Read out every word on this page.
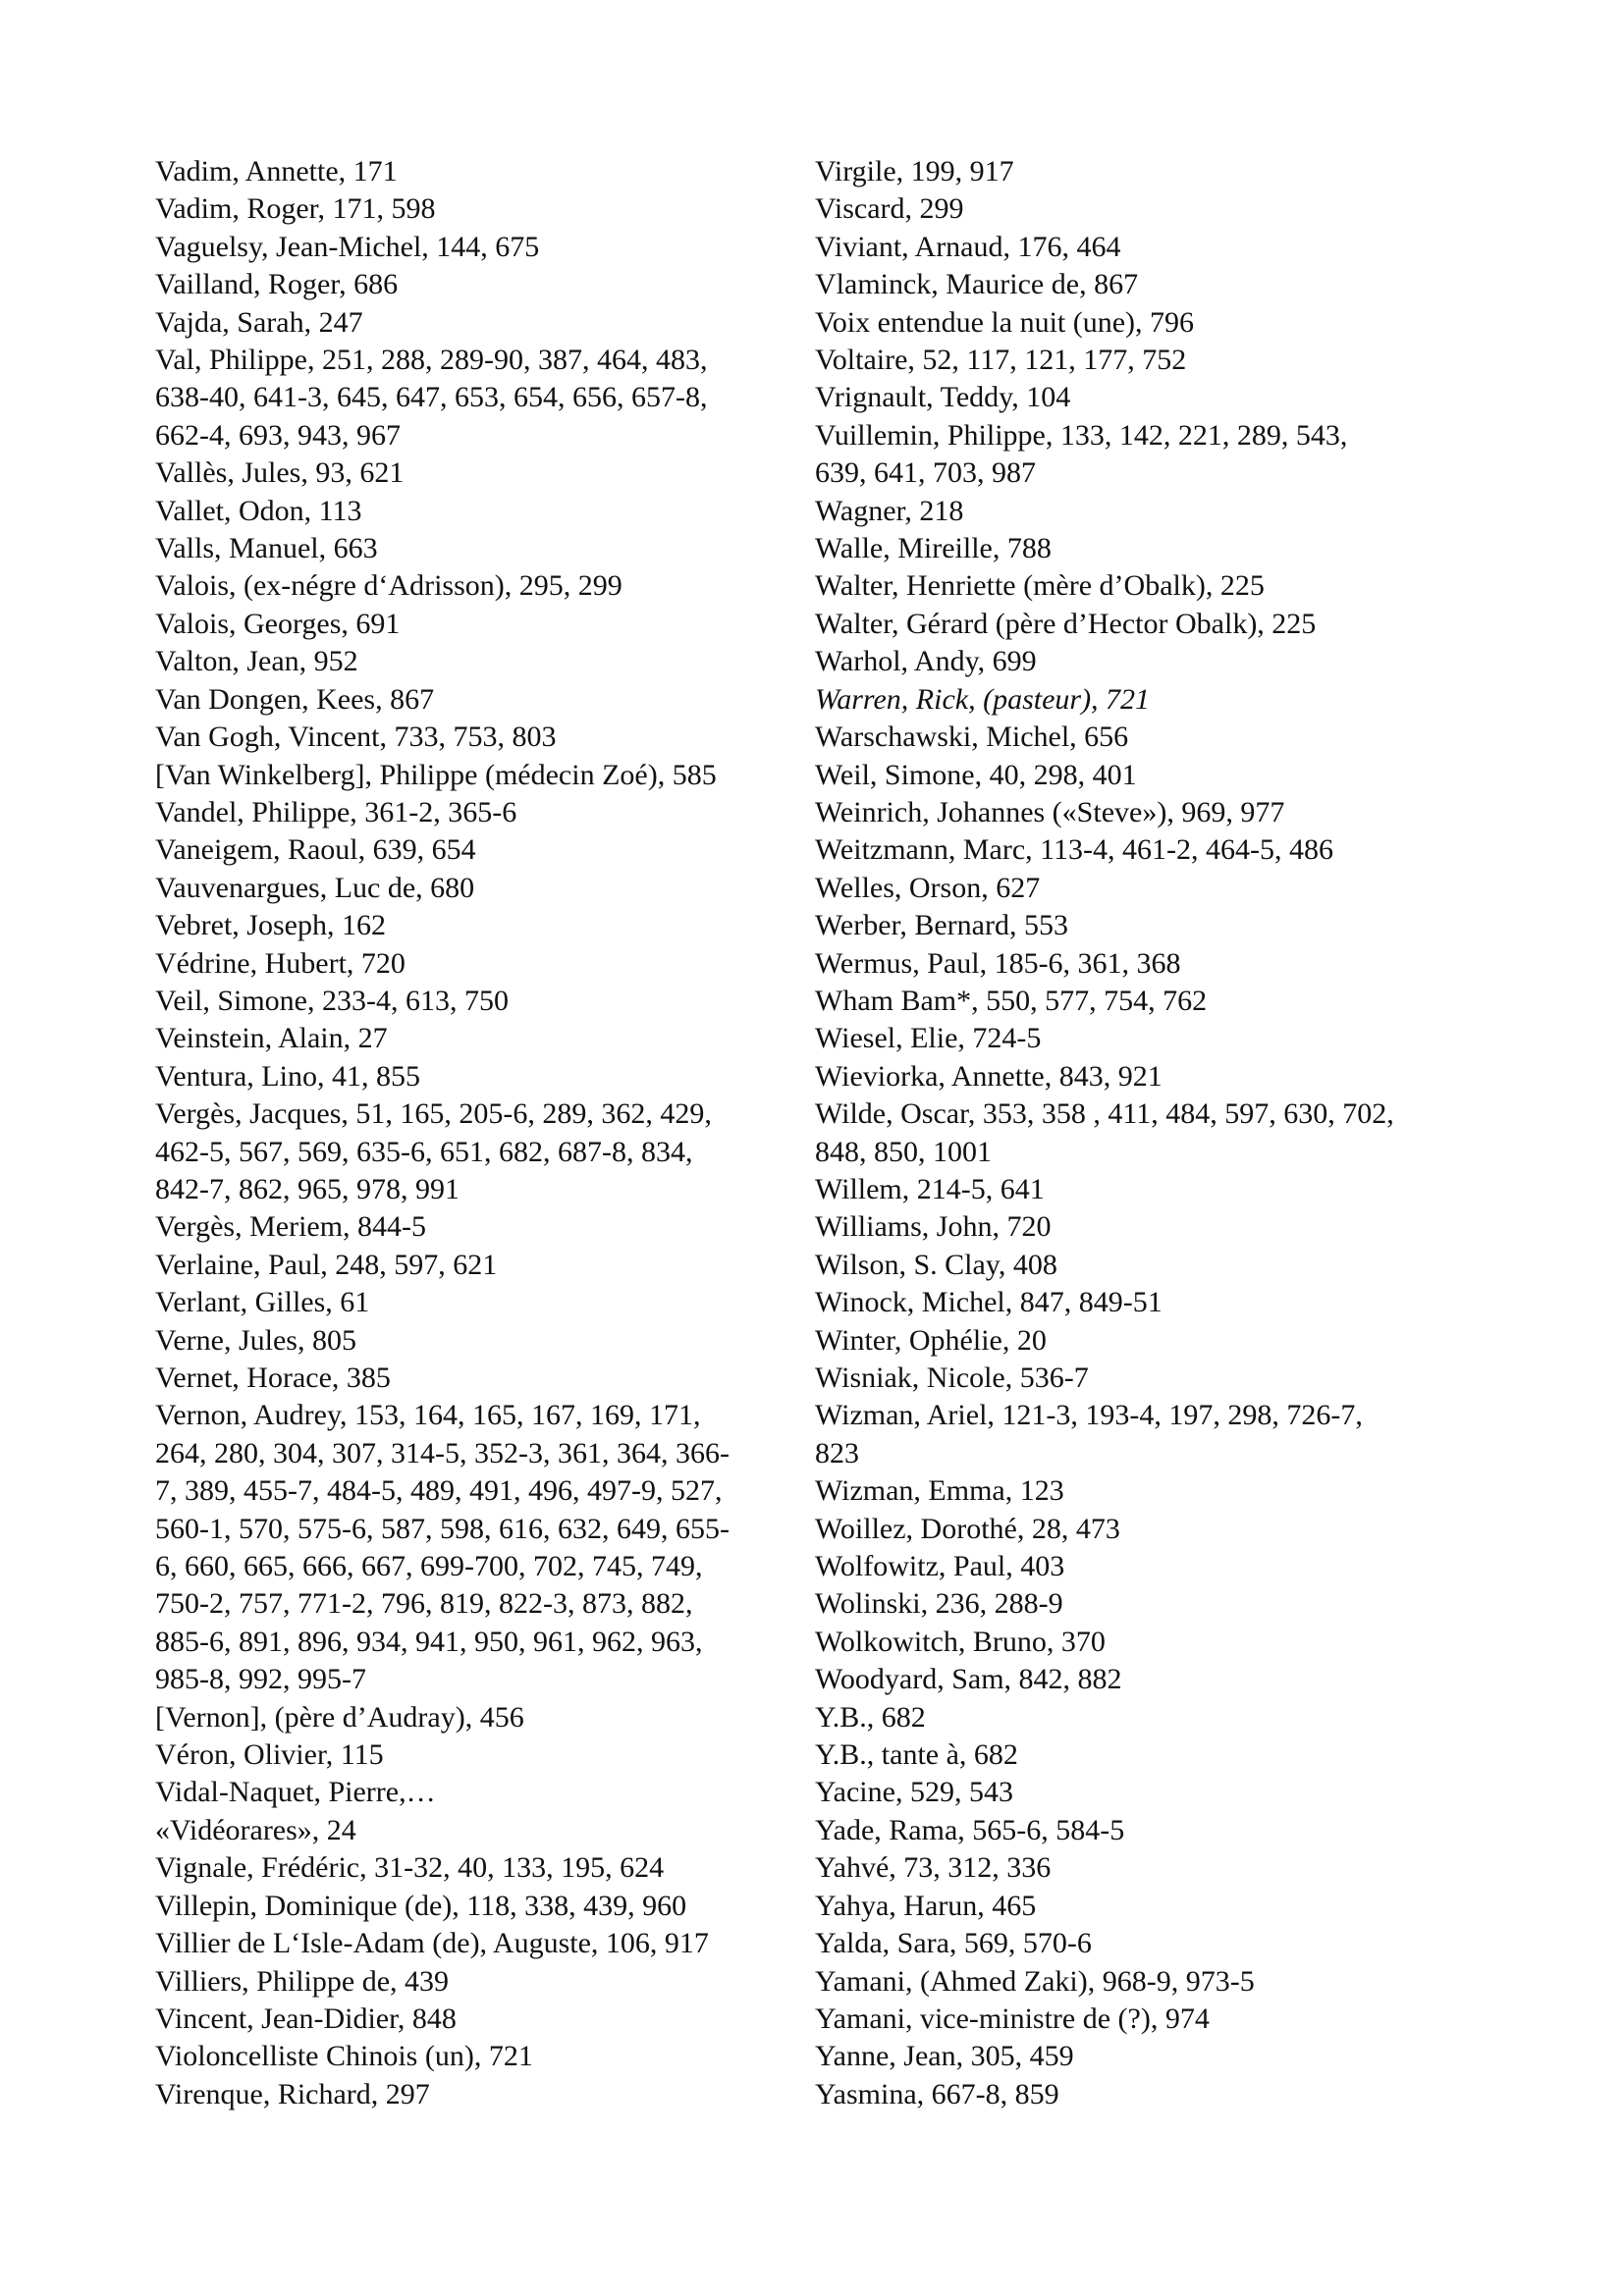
Vadim, Annette, 171
Vadim, Roger, 171, 598
Vaguelsy, Jean-Michel, 144, 675
Vailland, Roger, 686
Vajda, Sarah, 247
Val, Philippe, 251, 288, 289-90, 387, 464, 483,
638-40, 641-3, 645, 647, 653, 654, 656, 657-8,
662-4, 693, 943, 967
Vallès, Jules, 93, 621
Vallet, Odon, 113
Valls, Manuel, 663
Valois, (ex-négre d‘Adrisson), 295, 299
Valois, Georges, 691
Valton, Jean, 952
Van Dongen, Kees, 867
Van Gogh, Vincent, 733, 753, 803
[Van Winkelberg], Philippe (médecin Zoé), 585
Vandel, Philippe, 361-2, 365-6
Vaneigem, Raoul, 639, 654
Vauvenargues, Luc de, 680
Vebret, Joseph, 162
Védrine, Hubert, 720
Veil, Simone, 233-4, 613, 750
Veinstein, Alain, 27
Ventura, Lino, 41, 855
Vergès, Jacques, 51, 165, 205-6, 289, 362, 429,
462-5, 567, 569, 635-6, 651, 682, 687-8, 834,
842-7, 862, 965, 978, 991
Vergès, Meriem, 844-5
Verlaine, Paul, 248, 597, 621
Verlant, Gilles, 61
Verne, Jules, 805
Vernet, Horace, 385
Vernon, Audrey, 153, 164, 165, 167, 169, 171,
264, 280, 304, 307, 314-5, 352-3, 361, 364, 366-
7, 389, 455-7, 484-5, 489, 491, 496, 497-9, 527,
560-1, 570, 575-6, 587, 598, 616, 632, 649, 655-
6, 660, 665, 666, 667, 699-700, 702, 745, 749,
750-2, 757, 771-2, 796, 819, 822-3, 873, 882,
885-6, 891, 896, 934, 941, 950, 961, 962, 963,
985-8, 992, 995-7
[Vernon], (père d’Audray), 456
Véron, Olivier, 115
Vidal-Naquet, Pierre,…
«Vidéorares», 24
Vignale, Frédéric, 31-32, 40, 133, 195, 624
Villepin, Dominique (de), 118, 338, 439, 960
Villier de L‘Isle-Adam (de), Auguste, 106, 917
Villiers, Philippe de, 439
Vincent, Jean-Didier, 848
Violoncelliste Chinois (un), 721
Virenque, Richard, 297
Virgile, 199, 917
Viscard, 299
Viviant, Arnaud, 176, 464
Vlaminck, Maurice de, 867
Voix entendue la nuit (une), 796
Voltaire, 52, 117, 121, 177, 752
Vrignault, Teddy, 104
Vuillemin, Philippe, 133, 142, 221, 289, 543,
639, 641, 703, 987
Wagner, 218
Walle, Mireille, 788
Walter, Henriette (mère d’Obalk), 225
Walter, Gérard (père d’Hector Obalk), 225
Warhol, Andy, 699
Warren, Rick, (pasteur), 721
Warschawski, Michel, 656
Weil, Simone, 40, 298, 401
Weinrich, Johannes («Steve»), 969, 977
Weitzmann, Marc, 113-4, 461-2, 464-5, 486
Welles, Orson, 627
Werber, Bernard, 553
Wermus, Paul, 185-6, 361, 368
Wham Bam*, 550, 577, 754, 762
Wiesel, Elie, 724-5
Wieviorka, Annette, 843, 921
Wilde, Oscar, 353, 358 , 411, 484, 597, 630, 702,
848, 850, 1001
Willem, 214-5, 641
Williams, John, 720
Wilson, S. Clay, 408
Winock, Michel, 847, 849-51
Winter, Ophélie, 20
Wisniak, Nicole, 536-7
Wizman, Ariel, 121-3, 193-4, 197, 298, 726-7,
823
Wizman, Emma, 123
Woillez, Dorothé, 28, 473
Wolfowitz, Paul, 403
Wolinski, 236, 288-9
Wolkowitch, Bruno, 370
Woodyard, Sam, 842, 882
Y.B., 682
Y.B., tante à, 682
Yacine, 529, 543
Yade, Rama, 565-6, 584-5
Yahvé, 73, 312, 336
Yahya, Harun, 465
Yalda, Sara, 569, 570-6
Yamani, (Ahmed Zaki), 968-9, 973-5
Yamani, vice-ministre de (?), 974
Yanne, Jean, 305, 459
Yasmina, 667-8, 859
